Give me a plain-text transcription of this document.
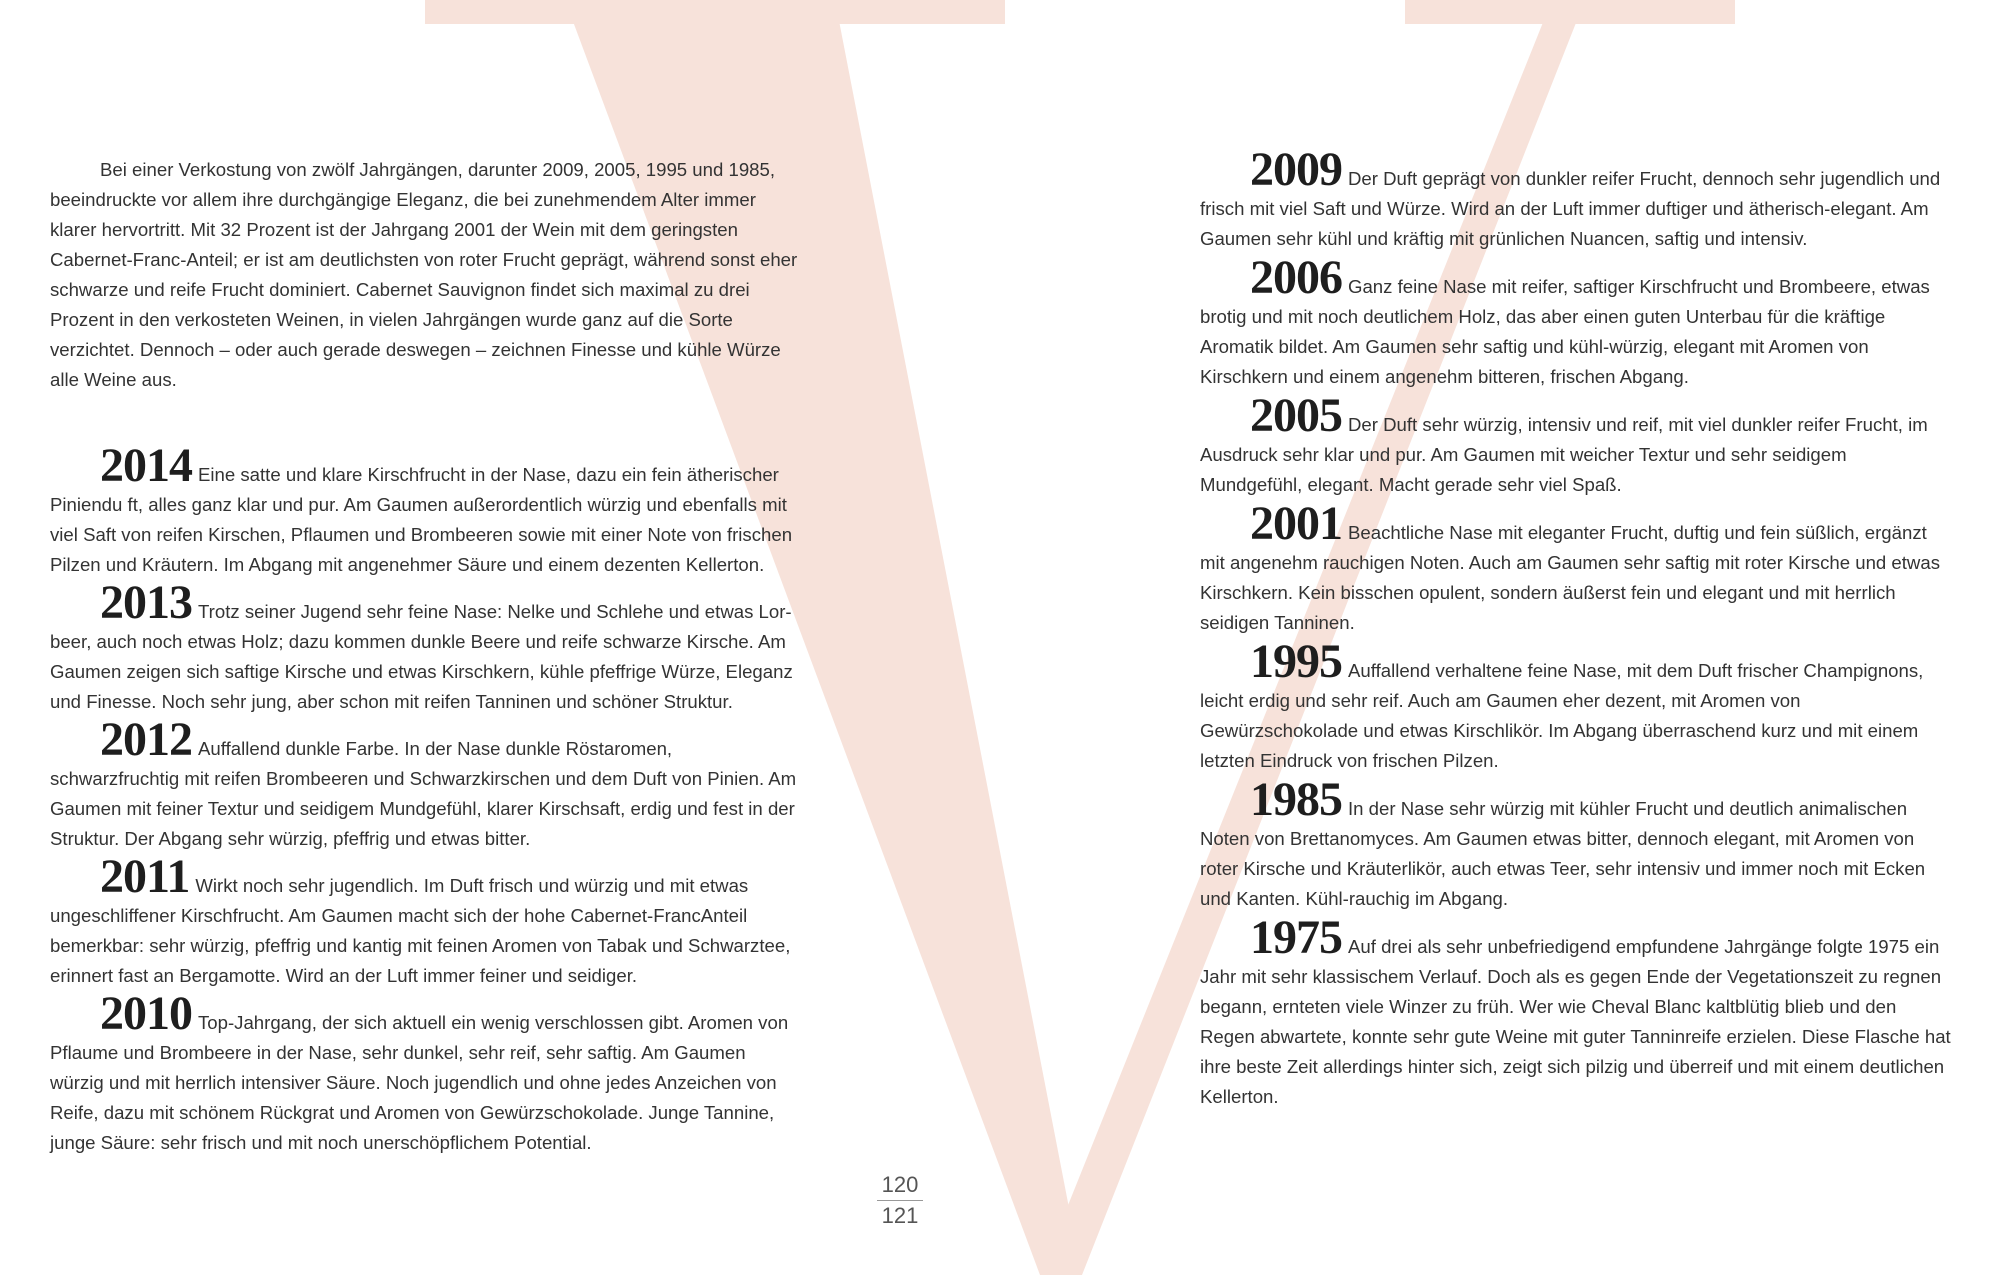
Bei einer Verkostung von zwölf Jahrgängen, darunter 2009, 2005, 1995 und 1985, beeindruckte vor allem ihre durchgängige Eleganz, die bei zunehmendem Alter immer klarer hervortritt. Mit 32 Prozent ist der Jahrgang 2001 der Wein mit dem geringsten Cabernet-Franc-Anteil; er ist am deutlichsten von roter Frucht geprägt, während sonst eher schwarze und reife Frucht dominiert. Cabernet Sauvignon findet sich maximal zu drei Prozent in den verkosteten Weinen, in vielen Jahrgängen wurde ganz auf die Sorte verzichtet. Dennoch – oder auch gerade deswegen – zeichnen Finesse und kühle Würze alle Weine aus.

2014 Eine satte und klare Kirschfrucht in der Nase, dazu ein fein ätherischer Piniendu ft, alles ganz klar und pur. Am Gaumen außerordentlich würzig und ebenfalls mit viel Saft von reifen Kirschen, Pflaumen und Brombeeren sowie mit einer Note von frischen Pilzen und Kräutern. Im Abgang mit angenehmer Säure und einem dezenten Kellerton.

2013 Trotz seiner Jugend sehr feine Nase: Nelke und Schlehe und etwas Lor-beer, auch noch etwas Holz; dazu kommen dunkle Beere und reife schwarze Kirsche. Am Gaumen zeigen sich saftige Kirsche und etwas Kirschkern, kühle pfeffrige Würze, Eleganz und Finesse. Noch sehr jung, aber schon mit reifen Tanninen und schöner Struktur.

2012 Auffallend dunkle Farbe. In der Nase dunkle Röstaromen, schwarzfruchtig mit reifen Brombeeren und Schwarzkirschen und dem Duft von Pinien. Am Gaumen mit feiner Textur und seidigem Mundgefühl, klarer Kirschsaft, erdig und fest in der Struktur. Der Abgang sehr würzig, pfeffrig und etwas bitter.

2011 Wirkt noch sehr jugendlich. Im Duft frisch und würzig und mit etwas ungeschliffener Kirschfrucht. Am Gaumen macht sich der hohe Cabernet-FrancAnteil bemerkbar: sehr würzig, pfeffrig und kantig mit feinen Aromen von Tabak und Schwarztee, erinnert fast an Bergamotte. Wird an der Luft immer feiner und seidiger.

2010 Top-Jahrgang, der sich aktuell ein wenig verschlossen gibt. Aromen von Pflaume und Brombeere in der Nase, sehr dunkel, sehr reif, sehr saftig. Am Gaumen würzig und mit herrlich intensiver Säure. Noch jugendlich und ohne jedes Anzeichen von Reife, dazu mit schönem Rückgrat und Aromen von Gewürzschokolade. Junge Tannine, junge Säure: sehr frisch und mit noch unerschöpflichem Potential.

2009 Der Duft geprägt von dunkler reifer Frucht, dennoch sehr jugendlich und frisch mit viel Saft und Würze. Wird an der Luft immer duftiger und ätherisch-elegant. Am Gaumen sehr kühl und kräftig mit grünlichen Nuancen, saftig und intensiv.

2006 Ganz feine Nase mit reifer, saftiger Kirschfrucht und Brombeere, etwas brotig und mit noch deutlichem Holz, das aber einen guten Unterbau für die kräftige Aromatik bildet. Am Gaumen sehr saftig und kühl-würzig, elegant mit Aromen von Kirschkern und einem angenehm bitteren, frischen Abgang.

2005 Der Duft sehr würzig, intensiv und reif, mit viel dunkler reifer Frucht, im Ausdruck sehr klar und pur. Am Gaumen mit weicher Textur und sehr seidigem Mundgefühl, elegant. Macht gerade sehr viel Spaß.

2001 Beachtliche Nase mit eleganter Frucht, duftig und fein süßlich, ergänzt mit angenehm rauchigen Noten. Auch am Gaumen sehr saftig mit roter Kirsche und etwas Kirschkern. Kein bisschen opulent, sondern äußerst fein und elegant und mit herrlich seidigen Tanninen.

1995 Auffallend verhaltene feine Nase, mit dem Duft frischer Champignons, leicht erdig und sehr reif. Auch am Gaumen eher dezent, mit Aromen von Gewürzschokolade und etwas Kirschlikör. Im Abgang überraschend kurz und mit einem letzten Eindruck von frischen Pilzen.

1985 In der Nase sehr würzig mit kühler Frucht und deutlich animalischen Noten von Brettanomyces. Am Gaumen etwas bitter, dennoch elegant, mit Aromen von roter Kirsche und Kräuterlikör, auch etwas Teer, sehr intensiv und immer noch mit Ecken und Kanten. Kühl-rauchig im Abgang.

1975 Auf drei als sehr unbefriedigend empfundene Jahrgänge folgte 1975 ein Jahr mit sehr klassischem Verlauf. Doch als es gegen Ende der Vegetationszeit zu regnen begann, ernteten viele Winzer zu früh. Wer wie Cheval Blanc kaltblütig blieb und den Regen abwartete, konnte sehr gute Weine mit guter Tanninreife erzielen. Diese Flasche hat ihre beste Zeit allerdings hinter sich, zeigt sich pilzig und überreif und mit einem deutlichen Kellerton.

120
121
